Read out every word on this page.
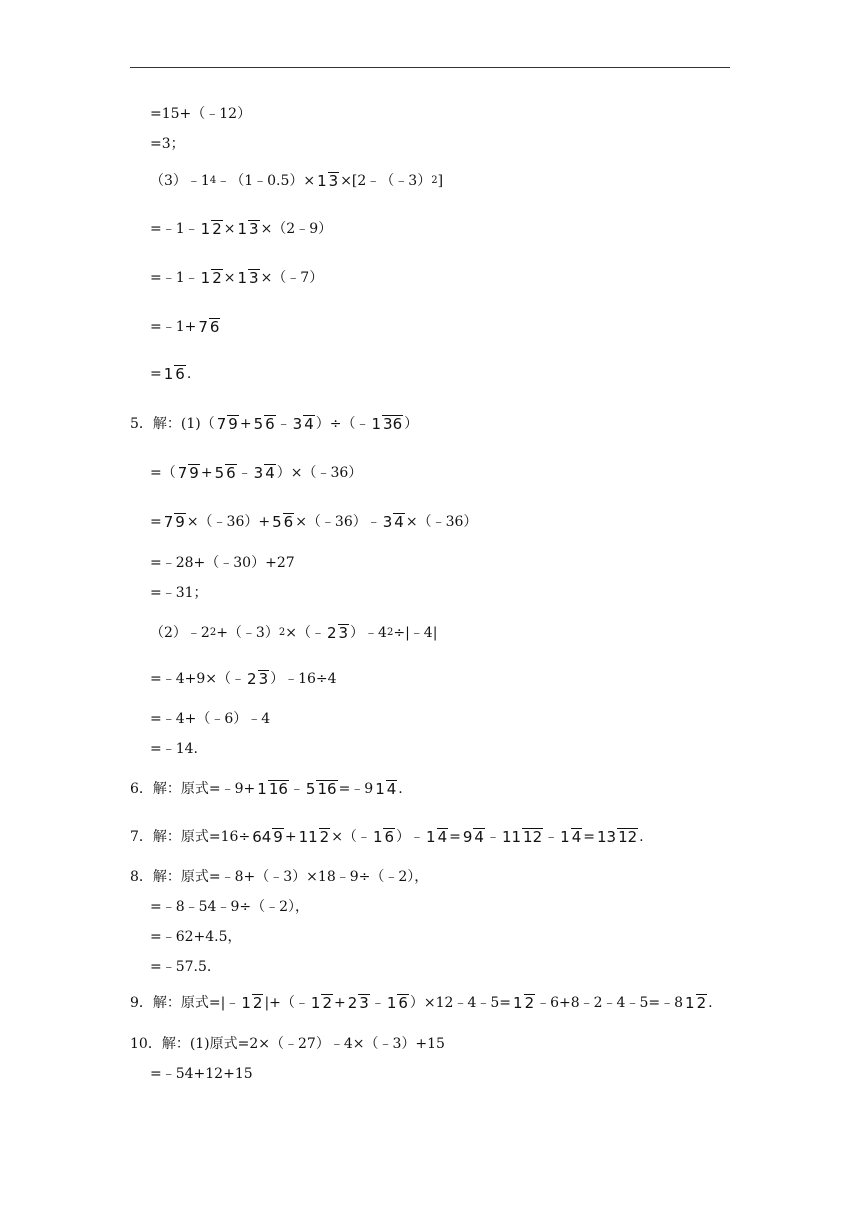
=15+（﹣12）
=3；
（3）﹣1 4 ﹣（1﹣0.5）× 1 3 ×[2﹣（﹣3） 2 ]
=﹣1﹣ 1 2 × 1 3 ×（2﹣9）
=﹣1﹣ 1 2 × 1 3 ×（﹣7）
=﹣1+ 7 6
= 1 6 .
5．解：(1)（ 7 9 + 5 6 ﹣ 3 4 ）÷（﹣ 1 36 ）
=（ 7 9 + 5 6 ﹣ 3 4 ）×（﹣36）
= 7 9 ×（﹣36）+ 5 6 ×（﹣36）﹣ 3 4 ×（﹣36）
=﹣28+（﹣30）+27
=﹣31；
（2）﹣2 2 +（﹣3） 2 ×（﹣ 2 3 ）﹣4 2 ÷|﹣4|
=﹣4+9×（﹣ 2 3 ）﹣16÷4
=﹣4+（﹣6）﹣4
=﹣14.
6．解：原式=﹣9+ 1 16 ﹣ 5 16 =﹣9 1 4 .
7．解：原式=16÷ 64 9 + 11 2 ×（﹣ 1 6 ）﹣ 1 4 = 9 4 ﹣ 11 12 ﹣ 1 4 = 13 12 .
8．解：原式=﹣8+（﹣3）×18﹣9÷（﹣2），
=﹣8﹣54﹣9÷（﹣2），
=﹣62+4.5，
=﹣57.5.
9．解：原式=|﹣ 1 2 |+（﹣ 1 2 + 2 3 ﹣ 1 6 ）×12﹣4﹣5= 1 2 ﹣6+8﹣2﹣4﹣5=﹣8 1 2 .
10．解：(1)原式=2×（﹣27）﹣4×（﹣3）+15
=﹣54+12+15
